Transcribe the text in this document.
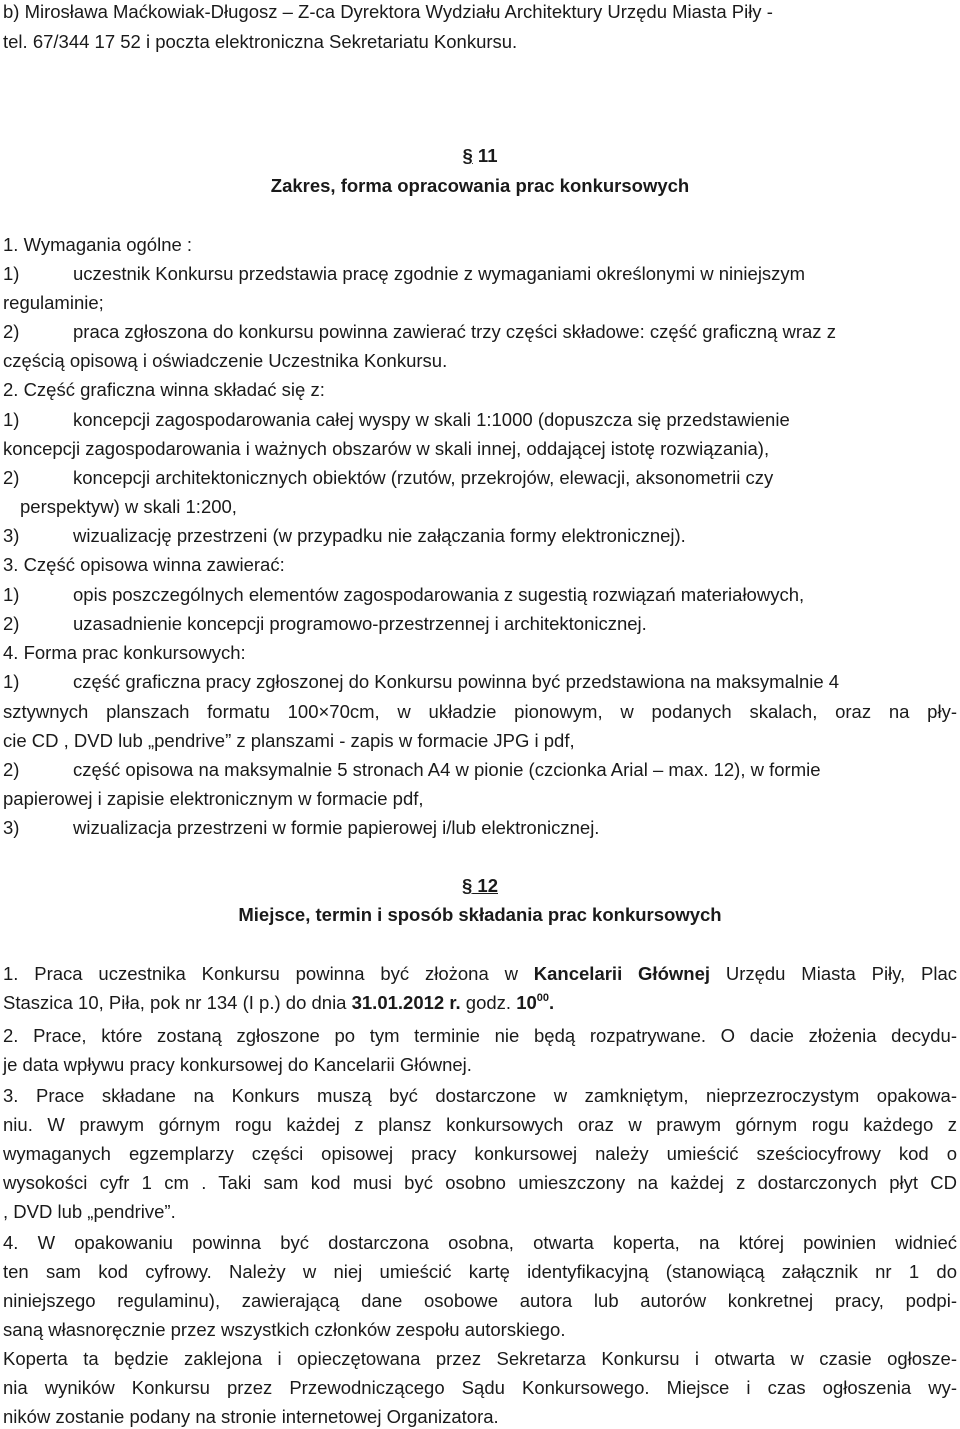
b) Mirosława Maćkowiak-Długosz – Z-ca Dyrektora Wydziału Architektury Urzędu Miasta Piły -
tel. 67/344 17 52 i poczta elektroniczna Sekretariatu Konkursu.
§ 11
Zakres, forma opracowania prac konkursowych
1. Wymagania ogólne :
1)	uczestnik Konkursu przedstawia pracę zgodnie z wymaganiami określonymi w niniejszym
regulaminie;
2)	praca zgłoszona do konkursu powinna zawierać trzy części składowe: część graficzną wraz z
częścią opisową i oświadczenie Uczestnika Konkursu.
2. Część graficzna winna składać się z:
1)	koncepcji zagospodarowania całej wyspy w skali 1:1000 (dopuszcza się przedstawienie
koncepcji zagospodarowania i ważnych obszarów w skali innej, oddającej istotę rozwiązania),
2)	koncepcji architektonicznych obiektów (rzutów, przekrojów, elewacji, aksonometrii czy
perspektyw) w skali 1:200,
3)	wizualizację przestrzeni (w przypadku nie załączania formy elektronicznej).
3. Część opisowa winna zawierać:
1)	opis poszczególnych elementów zagospodarowania z sugestią rozwiązań materiałowych,
2)	uzasadnienie koncepcji programowo-przestrzennej i architektonicznej.
4. Forma prac konkursowych:
1)	część graficzna pracy zgłoszonej do Konkursu powinna być przedstawiona na maksymalnie 4
sztywnych planszach formatu 100×70cm, w układzie pionowym, w podanych skalach, oraz na pły-
cie CD , DVD lub „pendrive” z planszami - zapis w formacie JPG i pdf,
2)	część opisowa na maksymalnie 5 stronach A4 w pionie (czcionka Arial – max. 12), w formie
papierowej i zapisie elektronicznym w formacie pdf,
3)	wizualizacja przestrzeni w formie papierowej i/lub elektronicznej.
§ 12
Miejsce, termin i sposób składania prac konkursowych
1. Praca uczestnika Konkursu powinna być złożona w Kancelarii Głównej Urzędu Miasta Piły, Plac
Staszica 10, Piła, pok nr 134 (I p.) do dnia 31.01.2012 r. godz. $10^{00}$.
2. Prace, które zostaną zgłoszone po tym terminie nie będą rozpatrywane. O dacie złożenia decydu-
je data wpływu pracy konkursowej do Kancelarii Głównej.
3. Prace składane na Konkurs muszą być dostarczone w zamkniętym, nieprzezroczystym opakowa-
niu. W prawym górnym rogu każdej z plansz konkursowych oraz w prawym górnym rogu każdego z
wymaganych egzemplarzy części opisowej pracy konkursowej należy umieścić sześciocyfrowy kod o
wysokości cyfr 1 cm . Taki sam kod musi być osobno umieszczony na każdej z dostarczonych płyt CD
, DVD lub „pendrive”.
4. W opakowaniu powinna być dostarczona osobna, otwarta koperta, na której powinien widnieć
ten sam kod cyfrowy. Należy w niej umieścić kartę identyfikacyjną (stanowiącą załącznik nr 1 do
niniejszego regulaminu), zawierającą dane osobowe autora lub autorów konkretnej pracy, podpi-
saną własnoręcznie przez wszystkich członków zespołu autorskiego.
Koperta ta będzie zaklejona i opieczętowana przez Sekretarza Konkursu i otwarta w czasie ogłosze-
nia wyników Konkursu przez Przewodniczącego Sądu Konkursowego. Miejsce i czas ogłoszenia wy-
ników zostanie podany na stronie internetowej Organizatora.
